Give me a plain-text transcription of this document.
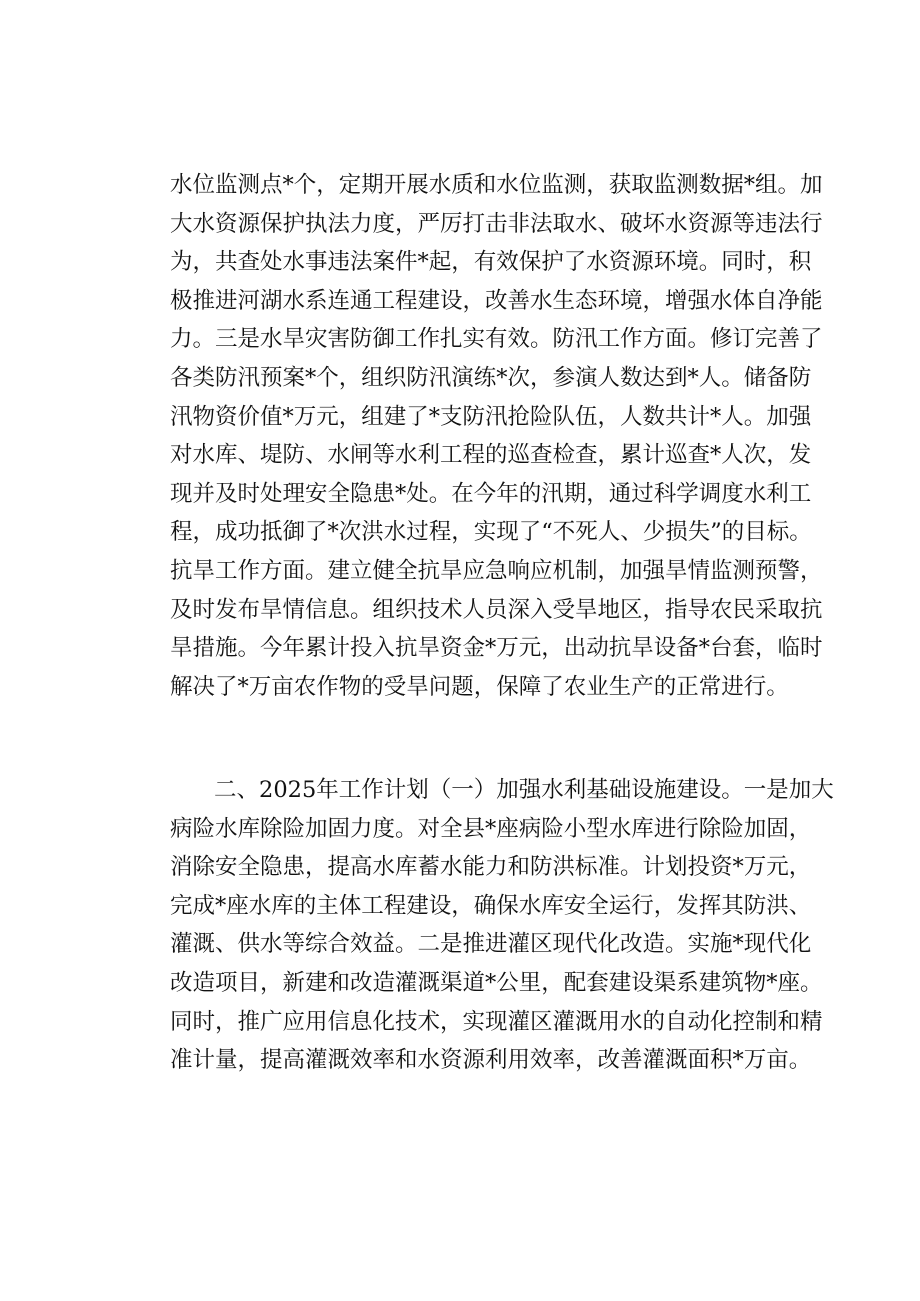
水位监测点*个，定期开展水质和水位监测，获取监测数据*组。加
大水资源保护执法力度，严厉打击非法取水、破坏水资源等违法行
为，共查处水事违法案件*起，有效保护了水资源环境。同时，积
极推进河湖水系连通工程建设，改善水生态环境，增强水体自净能
力。三是水旱灾害防御工作扎实有效。防汛工作方面。修订完善了
各类防汛预案*个，组织防汛演练*次，参演人数达到*人。储备防
汛物资价值*万元，组建了*支防汛抢险队伍，人数共计*人。加强
对水库、堤防、水闸等水利工程的巡查检查，累计巡查*人次，发
现并及时处理安全隐患*处。在今年的汛期，通过科学调度水利工
程，成功抵御了*次洪水过程，实现了“不死人、少损失”的目标。
抗旱工作方面。建立健全抗旱应急响应机制，加强旱情监测预警，
及时发布旱情信息。组织技术人员深入受旱地区，指导农民采取抗
旱措施。今年累计投入抗旱资金*万元，出动抗旱设备*台套，临时
解决了*万亩农作物的受旱问题，保障了农业生产的正常进行。
二、2025年工作计划（一）加强水利基础设施建设。一是加大
病险水库除险加固力度。对全县*座病险小型水库进行除险加固，
消除安全隐患，提高水库蓄水能力和防洪标准。计划投资*万元，
完成*座水库的主体工程建设，确保水库安全运行，发挥其防洪、
灌溉、供水等综合效益。二是推进灌区现代化改造。实施*现代化
改造项目，新建和改造灌溉渠道*公里，配套建设渠系建筑物*座。
同时，推广应用信息化技术，实现灌区灌溉用水的自动化控制和精
准计量，提高灌溉效率和水资源利用效率，改善灌溉面积*万亩。
